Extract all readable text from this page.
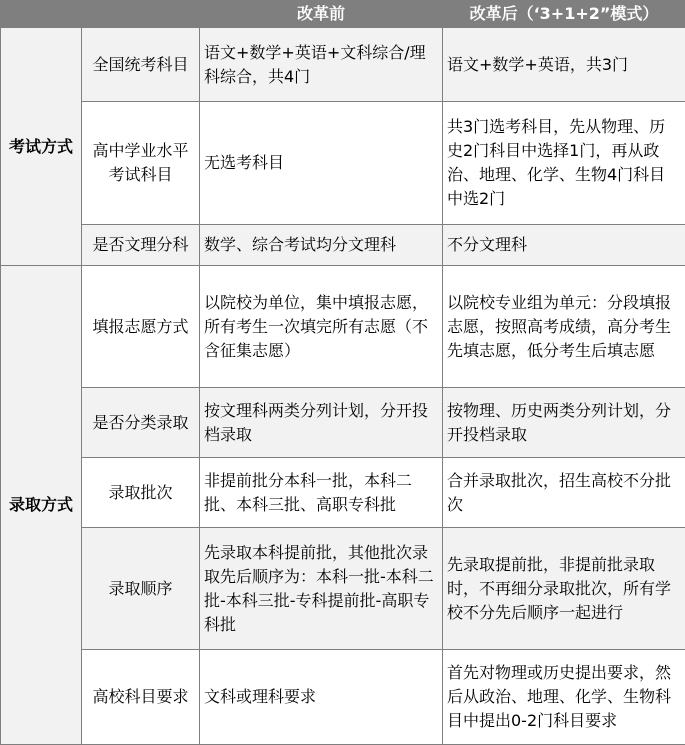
		改革前	改革后（‘3+1+2”模式）
考试方式	全国统考科目	语文+数学+英语+文科综合/理科综合，共4门	语文+数学+英语，共3门
	高中学业水平考试科目	无选考科目	共3门选考科目，先从物理、历史2门科目中选择1门，再从政治、地理、化学、生物4门科目中选2门
	是否文理分科	数学、综合考试均分文理科	不分文理科
录取方式	填报志愿方式	以院校为单位，集中填报志愿，所有考生一次填完所有志愿（不含征集志愿）	以院校专业组为单元：分段填报志愿，按照高考成绩，高分考生先填志愿，低分考生后填志愿
	是否分类录取	按文理科两类分列计划，分开投档录取	按物理、历史两类分列计划，分开投档录取
	录取批次	非提前批分本科一批，本科二批、本科三批、高职专科批	合并录取批次，招生高校不分批次
	录取顺序	先录取本科提前批，其他批次录取先后顺序为：本科一批-本科二批-本科三批-专科提前批-高职专科批	先录取提前批，非提前批录取时，不再细分录取批次，所有学校不分先后顺序一起进行
	高校科目要求	文科或理科要求	首先对物理或历史提出要求，然后从政治、地理、化学、生物科目中提出0-2门科目要求
